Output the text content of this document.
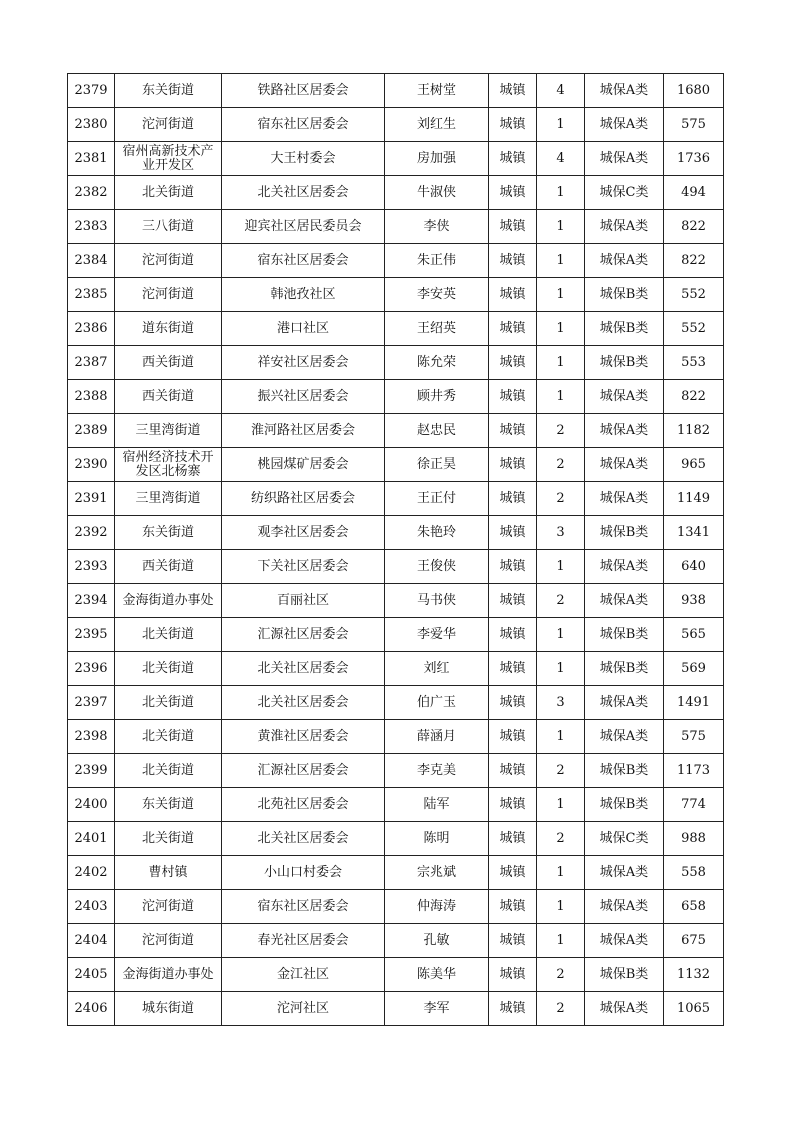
2379	东关街道	铁路社区居委会	王树堂	城镇	4	城保A类	1680
2380	沱河街道	宿东社区居委会	刘红生	城镇	1	城保A类	575
2381	宿州高新技术产业开发区	大王村委会	房加强	城镇	4	城保A类	1736
2382	北关街道	北关社区居委会	牛淑侠	城镇	1	城保C类	494
2383	三八街道	迎宾社区居民委员会	李侠	城镇	1	城保A类	822
2384	沱河街道	宿东社区居委会	朱正伟	城镇	1	城保A类	822
2385	沱河街道	韩池孜社区	李安英	城镇	1	城保B类	552
2386	道东街道	港口社区	王绍英	城镇	1	城保B类	552
2387	西关街道	祥安社区居委会	陈允荣	城镇	1	城保B类	553
2388	西关街道	振兴社区居委会	顾井秀	城镇	1	城保A类	822
2389	三里湾街道	淮河路社区居委会	赵忠民	城镇	2	城保A类	1182
2390	宿州经济技术开发区北杨寨	桃园煤矿居委会	徐正昊	城镇	2	城保A类	965
2391	三里湾街道	纺织路社区居委会	王正付	城镇	2	城保A类	1149
2392	东关街道	观李社区居委会	朱艳玲	城镇	3	城保B类	1341
2393	西关街道	下关社区居委会	王俊侠	城镇	1	城保A类	640
2394	金海街道办事处	百丽社区	马书侠	城镇	2	城保A类	938
2395	北关街道	汇源社区居委会	李爱华	城镇	1	城保B类	565
2396	北关街道	北关社区居委会	刘红	城镇	1	城保B类	569
2397	北关街道	北关社区居委会	伯广玉	城镇	3	城保A类	1491
2398	北关街道	黄淮社区居委会	薛涵月	城镇	1	城保A类	575
2399	北关街道	汇源社区居委会	李克美	城镇	2	城保B类	1173
2400	东关街道	北苑社区居委会	陆军	城镇	1	城保B类	774
2401	北关街道	北关社区居委会	陈明	城镇	2	城保C类	988
2402	曹村镇	小山口村委会	宗兆斌	城镇	1	城保A类	558
2403	沱河街道	宿东社区居委会	仲海涛	城镇	1	城保A类	658
2404	沱河街道	春光社区居委会	孔敏	城镇	1	城保A类	675
2405	金海街道办事处	金江社区	陈美华	城镇	2	城保B类	1132
2406	城东街道	沱河社区	李军	城镇	2	城保A类	1065
